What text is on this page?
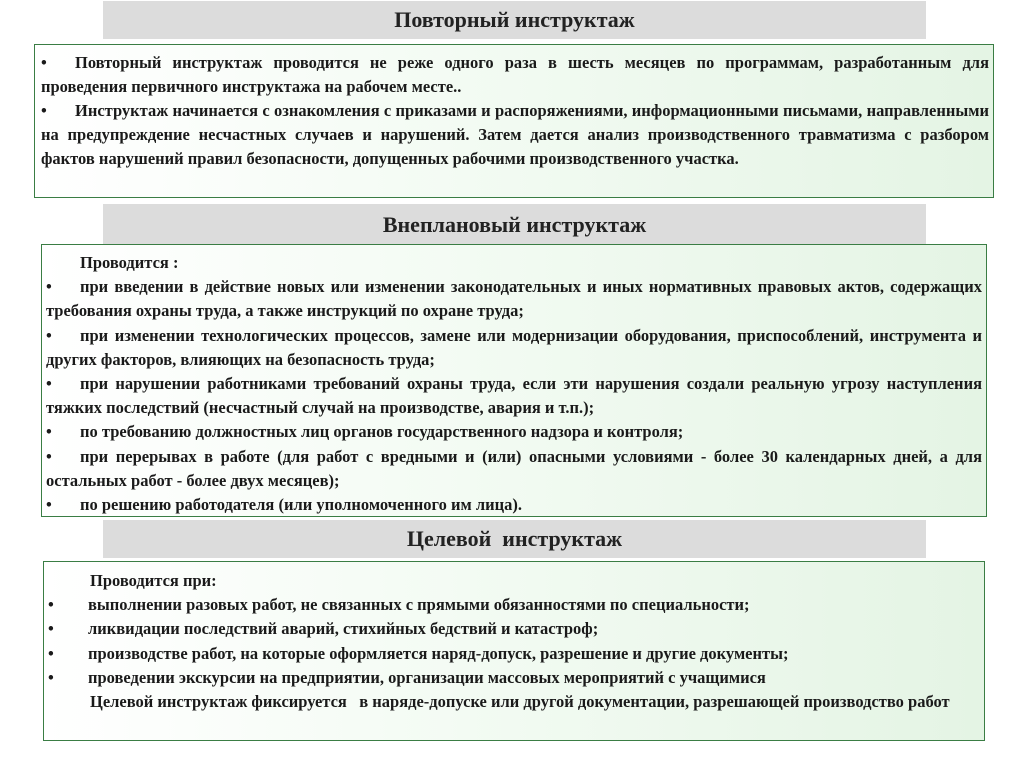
Повторный инструктаж

• Повторный инструктаж проводится не реже одного раза в шесть месяцев по программам, разработанным для проведения первичного инструктажа на рабочем месте..

• Инструктаж начинается с ознакомления с приказами и распоряжениями, информационными письмами, направленными на предупреждение несчастных случаев и нарушений. Затем дается анализ производственного травматизма с разбором фактов нарушений правил безопасности, допущенных рабочими производственного участка.

Внеплановый инструктаж

Проводится :

• при введении в действие новых или изменении законодательных и иных нормативных правовых актов, содержащих требования охраны труда, а также инструкций по охране труда;

• при изменении технологических процессов, замене или модернизации оборудования, приспособлений, инструмента и других факторов, влияющих на безопасность труда;

• при нарушении работниками требований охраны труда, если эти нарушения создали реальную угрозу наступления тяжких последствий (несчастный случай на производстве, авария и т.п.);

• по требованию должностных лиц органов государственного надзора и контроля;

• при перерывах в работе (для работ с вредными и (или) опасными условиями - более 30 календарных дней, а для остальных работ - более двух месяцев);

• по решению работодателя (или уполномоченного им лица).

Целевой  инструктаж

Проводится при:

• выполнении разовых работ, не связанных с прямыми обязанностями по специальности;

• ликвидации последствий аварий, стихийных бедствий и катастроф;

• производстве работ, на которые оформляется наряд-допуск, разрешение и другие документы;

• проведении экскурсии на предприятии, организации массовых мероприятий с учащимися

Целевой инструктаж фиксируется   в наряде-допуске или другой документации, разрешающей производство работ
